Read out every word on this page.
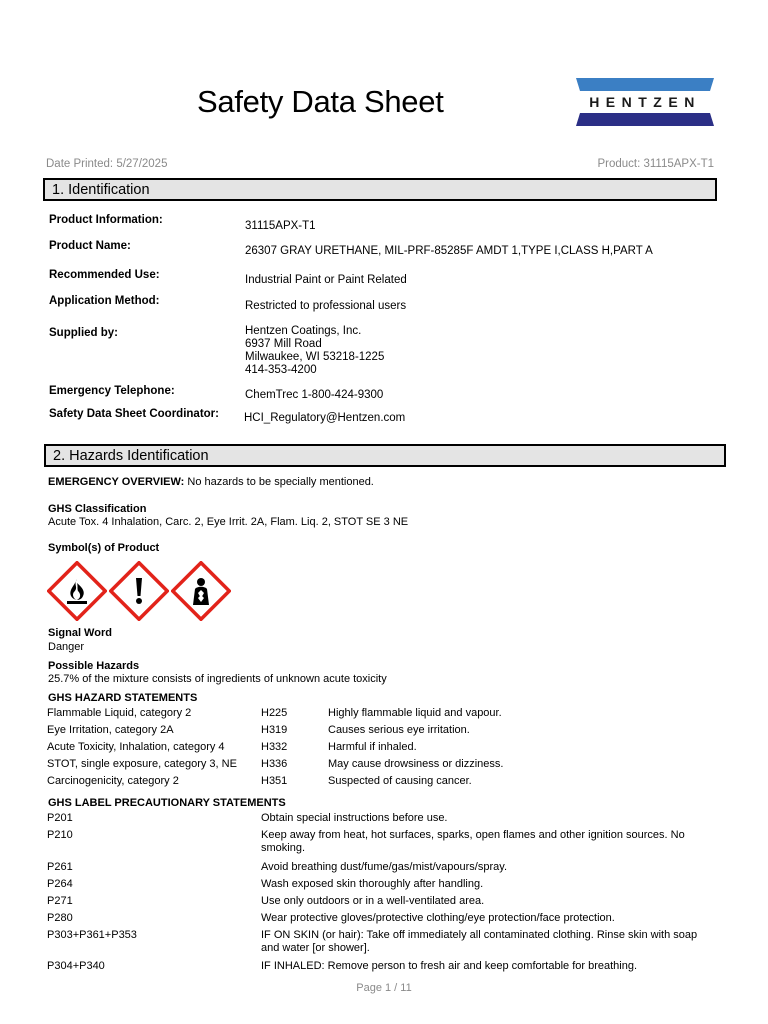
Safety Data Sheet	HENTZEN
Date Printed: 5/27/2025	Product: 31115APX-T1
1. Identification
Product Information:	31115APX-T1
Product Name:	26307 GRAY URETHANE, MIL-PRF-85285F AMDT 1,TYPE I,CLASS H,PART A
Recommended Use:	Industrial Paint or Paint Related
Application Method:	Restricted to professional users
Supplied by:	Hentzen Coatings, Inc.
6937 Mill Road
Milwaukee, WI 53218-1225
414-353-4200
Emergency Telephone:	ChemTrec 1-800-424-9300
Safety Data Sheet Coordinator: HCI_Regulatory@Hentzen.com
2. Hazards Identification
EMERGENCY OVERVIEW: No hazards to be specially mentioned.
GHS Classification
Acute Tox. 4 Inhalation, Carc. 2, Eye Irrit. 2A, Flam. Liq. 2, STOT SE 3 NE
Symbol(s) of Product
Signal Word
Danger
Possible Hazards
25.7% of the mixture consists of ingredients of unknown acute toxicity
GHS HAZARD STATEMENTS
Flammable Liquid, category 2	H225	Highly flammable liquid and vapour.
Eye Irritation, category 2A	H319	Causes serious eye irritation.
Acute Toxicity, Inhalation, category 4	H332	Harmful if inhaled.
STOT, single exposure, category 3, NE H336	May cause drowsiness or dizziness.
Carcinogenicity, category 2	H351	Suspected of causing cancer.
GHS LABEL PRECAUTIONARY STATEMENTS
P201	Obtain special instructions before use.
P210	Keep away from heat, hot surfaces, sparks, open flames and other ignition sources. No smoking.
P261	Avoid breathing dust/fume/gas/mist/vapours/spray.
P264	Wash exposed skin thoroughly after handling.
P271	Use only outdoors or in a well-ventilated area.
P280	Wear protective gloves/protective clothing/eye protection/face protection.
P303+P361+P353	IF ON SKIN (or hair): Take off immediately all contaminated clothing. Rinse skin with soap and water [or shower].
P304+P340	IF INHALED: Remove person to fresh air and keep comfortable for breathing.
Page 1 / 11
